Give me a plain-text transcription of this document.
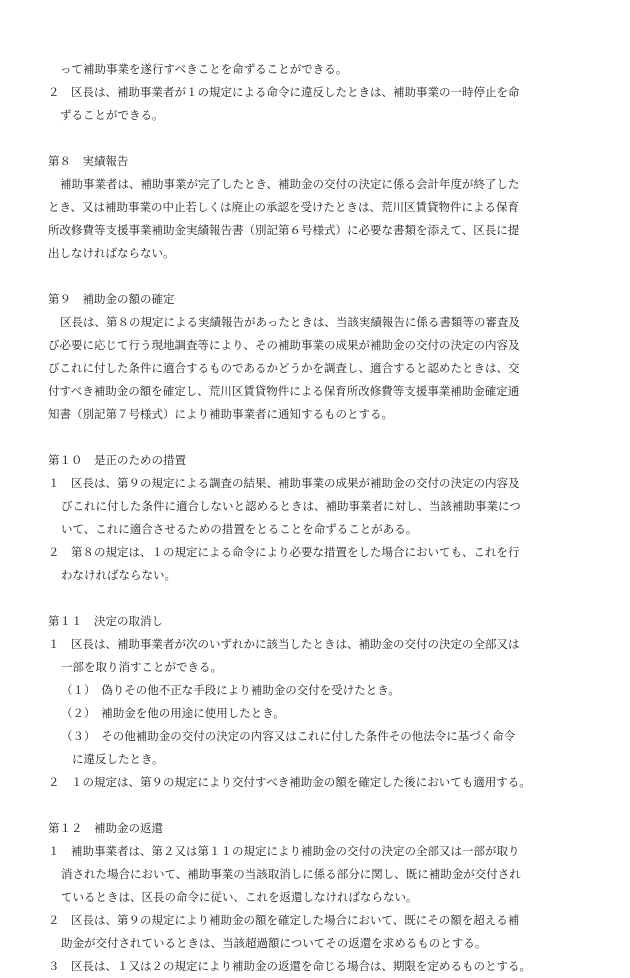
って補助事業を遂行すべきことを命ずることができる。
２　区長は、補助事業者が１の規定による命令に違反したときは、補助事業の一時停止を命
ずることができる。
第８　実績報告
補助事業者は、補助事業が完了したとき、補助金の交付の決定に係る会計年度が終了した
とき、又は補助事業の中止若しくは廃止の承認を受けたときは、荒川区賃貸物件による保育
所改修費等支援事業補助金実績報告書（別記第６号様式）に必要な書類を添えて、区長に提
出しなければならない。
第９　補助金の額の確定
区長は、第８の規定による実績報告があったときは、当該実績報告に係る書類等の審査及
び必要に応じて行う現地調査等により、その補助事業の成果が補助金の交付の決定の内容及
びこれに付した条件に適合するものであるかどうかを調査し、適合すると認めたときは、交
付すべき補助金の額を確定し、荒川区賃貸物件による保育所改修費等支援事業補助金確定通
知書（別記第７号様式）により補助事業者に通知するものとする。
第１０　是正のための措置
１　区長は、第９の規定による調査の結果、補助事業の成果が補助金の交付の決定の内容及
びこれに付した条件に適合しないと認めるときは、補助事業者に対し、当該補助事業につ
いて、これに適合させるための措置をとることを命ずることがある。
２　第８の規定は、１の規定による命令により必要な措置をした場合においても、これを行
わなければならない。
第１１　決定の取消し
１　区長は、補助事業者が次のいずれかに該当したときは、補助金の交付の決定の全部又は
一部を取り消すことができる。
（１）　偽りその他不正な手段により補助金の交付を受けたとき。
（２）　補助金を他の用途に使用したとき。
（３）　その他補助金の交付の決定の内容又はこれに付した条件その他法令に基づく命令
に違反したとき。
２　１の規定は、第９の規定により交付すべき補助金の額を確定した後においても適用する。
第１２　補助金の返還
１　補助事業者は、第２又は第１１の規定により補助金の交付の決定の全部又は一部が取り
消された場合において、補助事業の当該取消しに係る部分に関し、既に補助金が交付され
ているときは、区長の命令に従い、これを返還しなければならない。
２　区長は、第９の規定により補助金の額を確定した場合において、既にその額を超える補
助金が交付されているときは、当該超過額についてその返還を求めるものとする。
３　区長は、１又は２の規定により補助金の返還を命じる場合は、期限を定めるものとする。
